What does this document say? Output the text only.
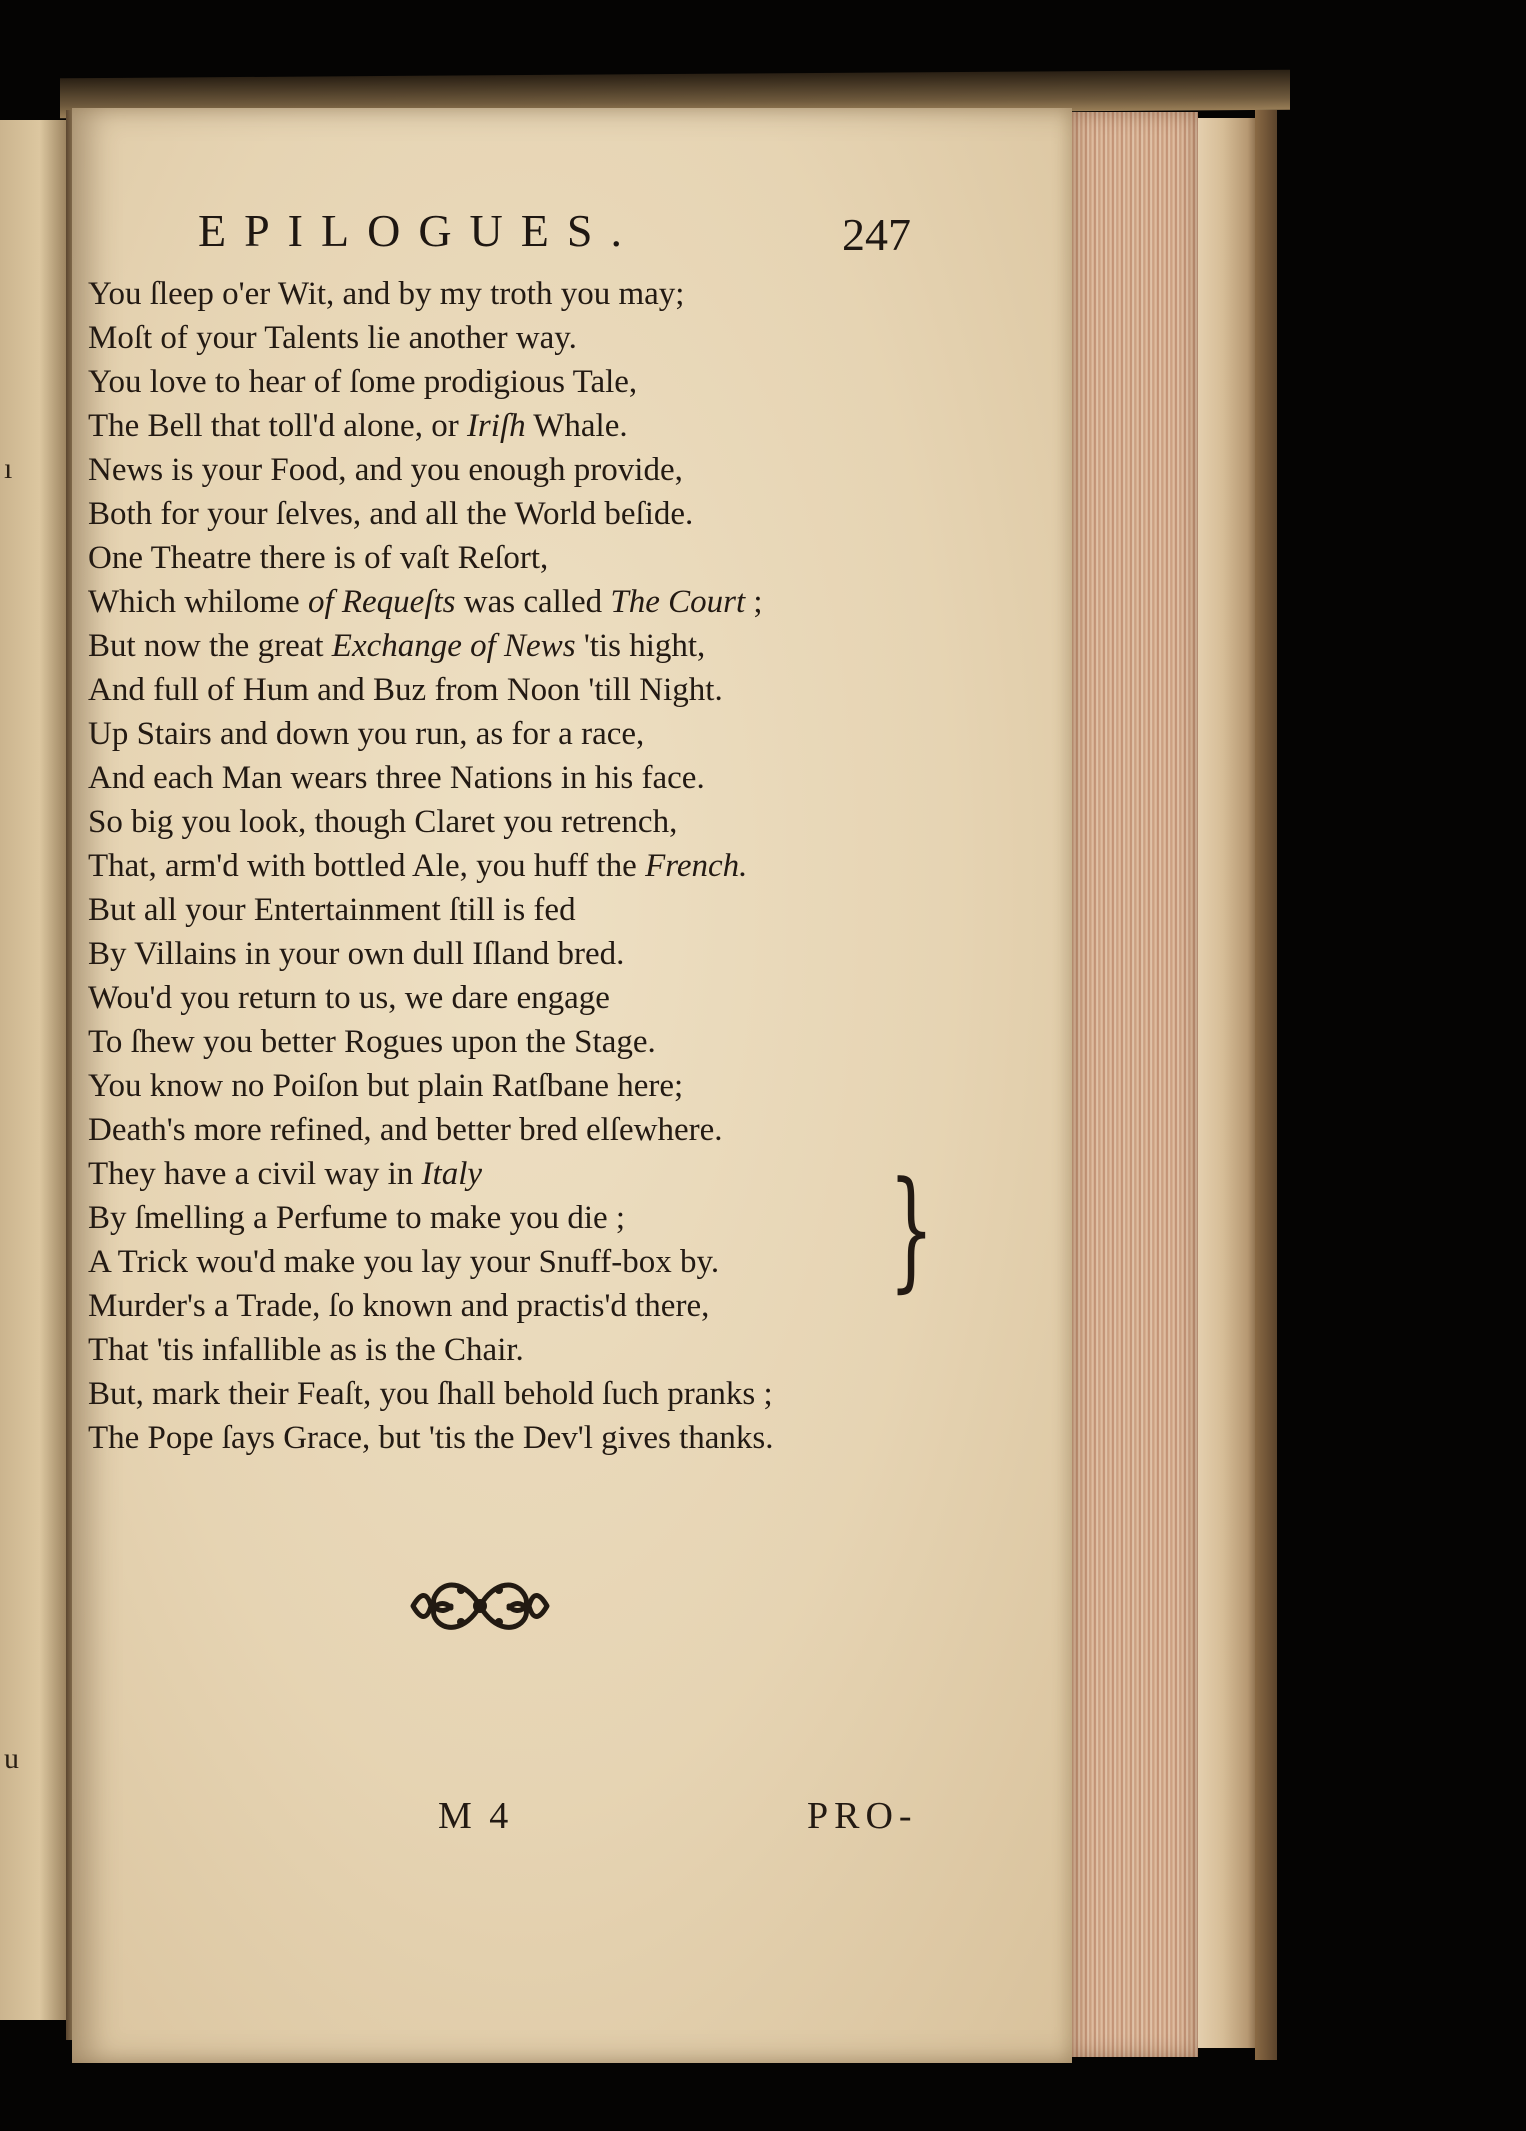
ı
u
EPILOGUES.	247
You ſleep o'er Wit, and by my troth you may;
Moſt of your Talents lie another way.
You love to hear of ſome prodigious Tale,
The Bell that toll'd alone, or Iriſh Whale.
News is your Food, and you enough provide,
Both for your ſelves, and all the World beſide.
One Theatre there is of vaſt Reſort,
Which whilome of Requeſts was called The Court ;
But now the great Exchange of News 'tis hight,
And full of Hum and Buz from Noon 'till Night.
Up Stairs and down you run, as for a race,
And each Man wears three Nations in his face.
So big you look, though Claret you retrench,
That, arm'd with bottled Ale, you huff the French.
But all your Entertainment ſtill is fed
By Villains in your own dull Iſland bred.
Wou'd you return to us, we dare engage
To ſhew you better Rogues upon the Stage.
You know no Poiſon but plain Ratſbane here;
Death's more refined, and better bred elſewhere.
They have a civil way in Italy
By ſmelling a Perfume to make you die ;
A Trick wou'd make you lay your Snuff-box by.
Murder's a Trade, ſo known and practis'd there,
That 'tis infallible as is the Chair.
But, mark their Feaſt, you ſhall behold ſuch pranks ;
The Pope ſays Grace, but 'tis the Dev'l gives thanks.
}
M 4	PRO-
